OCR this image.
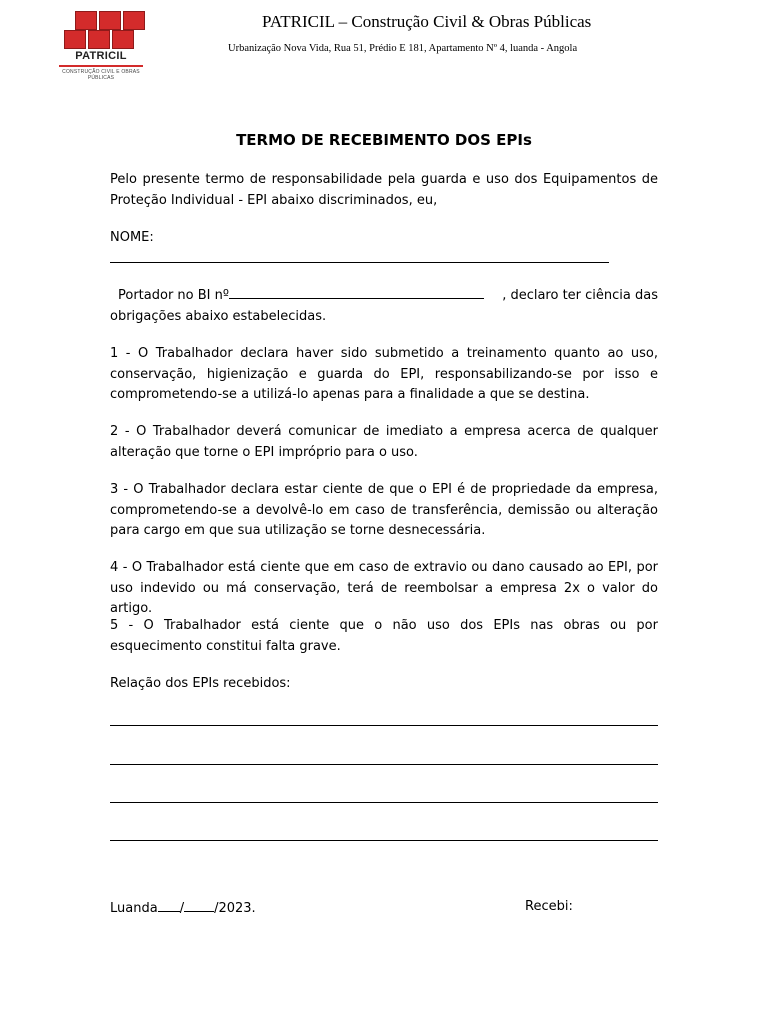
PATRICIL
CONSTRUÇÃO CIVIL E OBRAS PÚBLICAS
PATRICIL – Construção Civil & Obras Públicas
Urbanização Nova Vida, Rua 51, Prédio E 181, Apartamento Nº 4, luanda - Angola
TERMO DE RECEBIMENTO DOS EPIs

Pelo presente termo de responsabilidade pela guarda e uso dos Equipamentos de Proteção Individual - EPI abaixo discriminados, eu,

NOME:
Portador no BI nº	, declaro ter ciência das
obrigações abaixo estabelecidas.

1 - O Trabalhador declara haver sido submetido a treinamento quanto ao uso, conservação, higienização e guarda do EPI, responsabilizando-se por isso e comprometendo-se a utilizá-lo apenas para a finalidade a que se destina.

2 - O Trabalhador deverá comunicar de imediato a empresa acerca de qualquer alteração que torne o EPI impróprio para o uso.

3 - O Trabalhador declara estar ciente de que o EPI é de propriedade da empresa, comprometendo-se a devolvê-lo em caso de transferência, demissão ou alteração para cargo em que sua utilização se torne desnecessária.

4 - O Trabalhador está ciente que em caso de extravio ou dano causado ao EPI, por uso indevido ou má conservação, terá de reembolsar a empresa 2x o valor do artigo.

5 - O Trabalhador está ciente que o não uso dos EPIs nas obras ou por esquecimento constitui falta grave.

Relação dos EPIs recebidos:
Luanda / /2023.	Recebi:
